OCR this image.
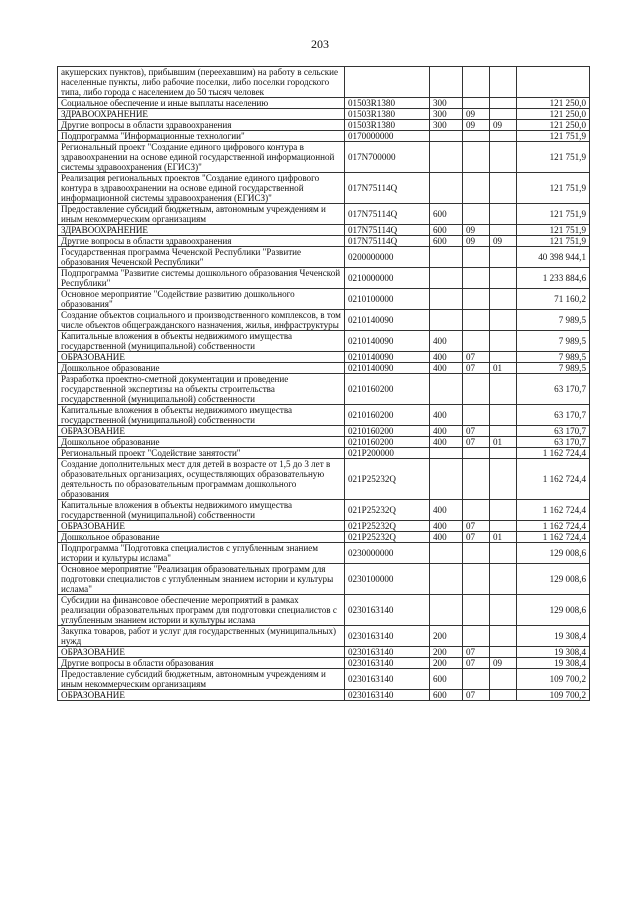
203
акушерских пунктов), прибывшим (переехавшим) на работу в сельские населенные пункты, либо рабочие поселки, либо поселки городского типа, либо города с населением до 50 тысяч человек					
Социальное обеспечение и иные выплаты населению	01503R1380	300			121 250,0
ЗДРАВООХРАНЕНИЕ	01503R1380	300	09		121 250,0
Другие вопросы в области здравоохранения	01503R1380	300	09	09	121 250,0
Подпрограмма "Информационные технологии"	0170000000				121 751,9
Региональный проект "Создание единого цифрового контура в здравоохранении на основе единой государственной информационной системы здравоохранения (ЕГИСЗ)"	017N700000				121 751,9
Реализация региональных проектов "Создание единого цифрового контура в здравоохранении на основе единой государственной информационной системы здравоохранения (ЕГИСЗ)"	017N75114Q				121 751,9
Предоставление субсидий бюджетным, автономным учреждениям и иным некоммерческим организациям	017N75114Q	600			121 751,9
ЗДРАВООХРАНЕНИЕ	017N75114Q	600	09		121 751,9
Другие вопросы в области здравоохранения	017N75114Q	600	09	09	121 751,9
Государственная программа Чеченской Республики "Развитие образования Чеченской Республики"	0200000000				40 398 944,1
Подпрограмма "Развитие системы дошкольного образования Чеченской Республики"	0210000000				1 233 884,6
Основное мероприятие "Содействие развитию дошкольного образования"	0210100000				71 160,2
Создание объектов социального и производственного комплексов, в том числе объектов общегражданского назначения, жилья, инфраструктуры	0210140090				7 989,5
Капитальные вложения в объекты недвижимого имущества государственной (муниципальной) собственности	0210140090	400			7 989,5
ОБРАЗОВАНИЕ	0210140090	400	07		7 989,5
Дошкольное образование	0210140090	400	07	01	7 989,5
Разработка проектно-сметной документации и проведение государственной экспертизы на объекты строительства государственной (муниципальной) собственности	0210160200				63 170,7
Капитальные вложения в объекты недвижимого имущества государственной (муниципальной) собственности	0210160200	400			63 170,7
ОБРАЗОВАНИЕ	0210160200	400	07		63 170,7
Дошкольное образование	0210160200	400	07	01	63 170,7
Региональный проект "Содействие занятости"	021P200000				1 162 724,4
Создание дополнительных мест для детей в возрасте от 1,5 до 3 лет в образовательных организациях, осуществляющих образовательную деятельность по образовательным программам дошкольного образования	021P25232Q				1 162 724,4
Капитальные вложения в объекты недвижимого имущества государственной (муниципальной) собственности	021P25232Q	400			1 162 724,4
ОБРАЗОВАНИЕ	021P25232Q	400	07		1 162 724,4
Дошкольное образование	021P25232Q	400	07	01	1 162 724,4
Подпрограмма "Подготовка специалистов с углубленным знанием истории и культуры ислама"	0230000000				129 008,6
Основное мероприятие "Реализация образовательных программ для подготовки специалистов с углубленным знанием истории и культуры ислама"	0230100000				129 008,6
Субсидии на финансовое обеспечение мероприятий в рамках реализации образовательных программ для подготовки специалистов с углубленным знанием истории и культуры ислама	0230163140				129 008,6
Закупка товаров, работ и услуг для государственных (муниципальных) нужд	0230163140	200			19 308,4
ОБРАЗОВАНИЕ	0230163140	200	07		19 308,4
Другие вопросы в области образования	0230163140	200	07	09	19 308,4
Предоставление субсидий бюджетным, автономным учреждениям и иным некоммерческим организациям	0230163140	600			109 700,2
ОБРАЗОВАНИЕ	0230163140	600	07		109 700,2
